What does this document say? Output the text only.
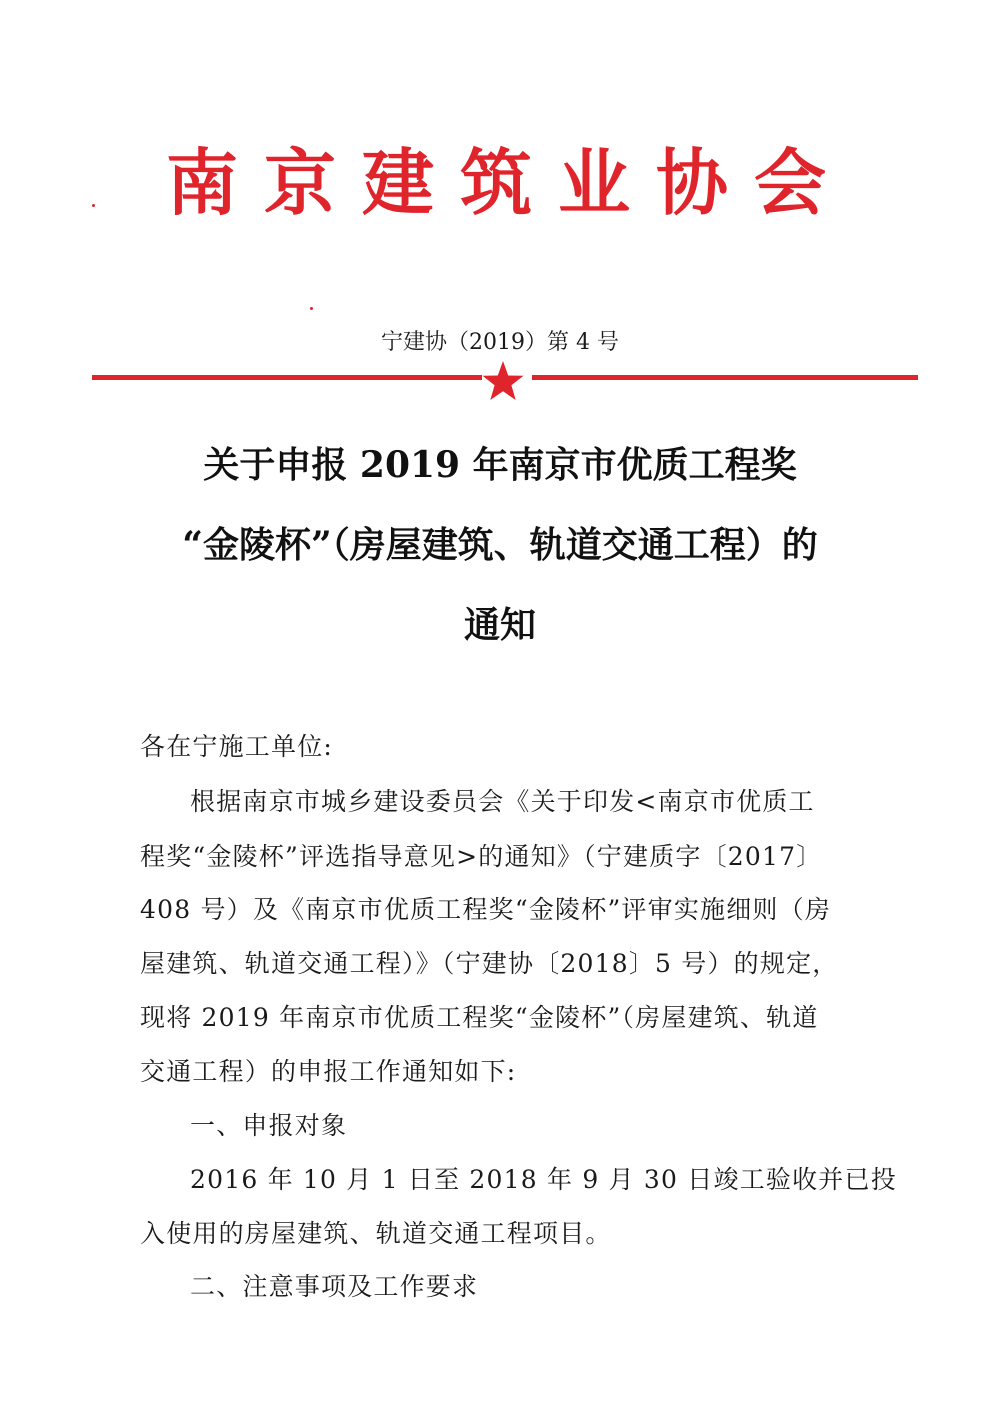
南京建筑业协会
宁建协（2019）第 4 号
关于申报 2019 年南京市优质工程奖
“金陵杯”（房屋建筑、轨道交通工程）的
通知
各在宁施工单位:
根据南京市城乡建设委员会《关于印发<南京市优质工
程奖“金陵杯”评选指导意见>的通知》（宁建质字〔2017〕
408 号）及《南京市优质工程奖“金陵杯”评审实施细则（房
屋建筑、轨道交通工程）》（宁建协〔2018〕5 号）的规定，
现将 2019 年南京市优质工程奖“金陵杯”（房屋建筑、轨道
交通工程）的申报工作通知如下:
一、申报对象
2016 年 10 月 1 日至 2018 年 9 月 30 日竣工验收并已投
入使用的房屋建筑、轨道交通工程项目。
二、注意事项及工作要求
